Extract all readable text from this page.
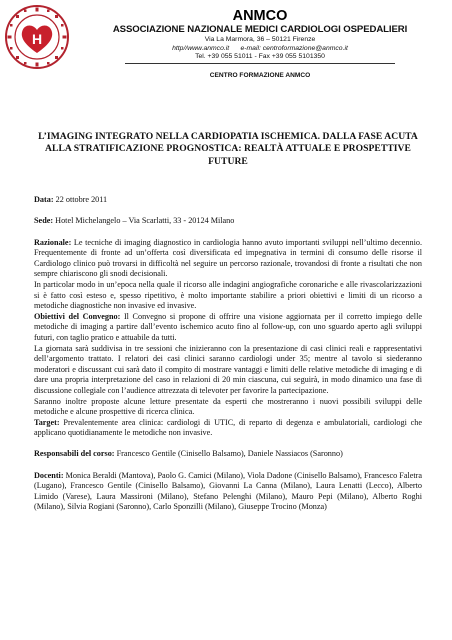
H
ANMCO
ASSOCIAZIONE NAZIONALE MEDICI CARDIOLOGI OSPEDALIERI
Via La Marmora, 36 – 50121 Firenze
http//www.anmco.it      e-mail: centroformazione@anmco.it
Tel. +39 055 51011 - Fax +39 055 5101350
CENTRO FORMAZIONE ANMCO
L’IMAGING INTEGRATO NELLA CARDIOPATIA ISCHEMICA. DALLA FASE ACUTA ALLA STRATIFICAZIONE PROGNOSTICA: REALTÀ ATTUALE E PROSPETTIVE FUTURE

Data: 22 ottobre 2011

Sede: Hotel Michelangelo – Via Scarlatti, 33 - 20124 Milano

Razionale: Le tecniche di imaging diagnostico in cardiologia hanno avuto importanti sviluppi nell’ultimo decennio. Frequentemente di fronte ad un’offerta così diversificata ed impegnativa in termini di consumo delle risorse il Cardiologo clinico può trovarsi in difficoltà nel seguire un percorso razionale, trovandosi di fronte a risultati che non sempre chiariscono gli snodi decisionali.

In particolar modo in un’epoca nella quale il ricorso alle indagini angiografiche coronariche e alle rivascolarizzazioni si è fatto così esteso e, spesso ripetitivo, è molto importante stabilire a priori obiettivi e limiti di un ricorso a metodiche diagnostiche non invasive ed invasive.

Obiettivi del Convegno: Il Convegno si propone di offrire una visione aggiornata per il corretto impiego delle metodiche di imaging a partire dall’evento ischemico acuto fino al follow-up, con uno sguardo aperto agli sviluppi futuri, con taglio pratico e attuabile da tutti.

La giornata sarà suddivisa in tre sessioni che inizieranno con la presentazione di casi clinici reali e rappresentativi dell’argomento trattato. I relatori dei casi clinici saranno cardiologi under 35; mentre al tavolo si siederanno moderatori e discussant cui sarà dato il compito di mostrare vantaggi e limiti delle relative metodiche di imaging e di dare una propria interpretazione del caso in relazioni di 20 min ciascuna, cui seguirà, in modo dinamico una fase di discussione collegiale con l’audience attrezzata di televoter per favorire la partecipazione.

Saranno inoltre proposte alcune letture presentate da esperti che mostreranno i nuovi possibili sviluppi delle metodiche e alcune prospettive di ricerca clinica.

Target: Prevalentemente area clinica: cardiologi di UTIC, di reparto di degenza e ambulatoriali, cardiologi che applicano quotidianamente le metodiche non invasive.

Responsabili del corso: Francesco Gentile (Cinisello Balsamo), Daniele Nassiacos (Saronno)

Docenti: Monica Beraldi (Mantova), Paolo G. Camici (Milano), Viola Dadone (Cinisello Balsamo), Francesco Faletra (Lugano), Francesco Gentile (Cinisello Balsamo), Giovanni La Canna (Milano), Laura Lenatti (Lecco), Alberto Limido (Varese), Laura Massironi (Milano), Stefano Pelenghi (Milano), Mauro Pepi (Milano), Alberto Roghi (Milano), Silvia Rogiani (Saronno), Carlo Sponzilli (Milano), Giuseppe Trocino (Monza)
